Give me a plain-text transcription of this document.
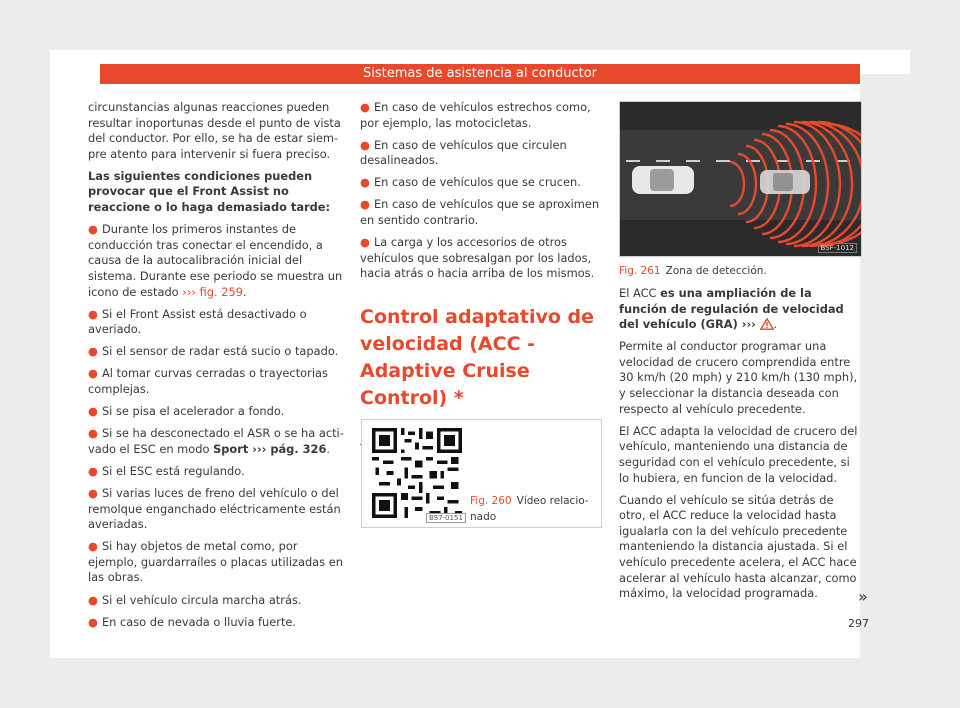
Sistemas de asistencia al conductor

circunstancias algunas reacciones pueden resultar inoportunas desde el punto de vista del conductor. Por ello, se ha de estar siempre atento para intervenir si fuera preciso.

Las siguientes condiciones pueden provocar que el Front Assist no reaccione o lo haga demasiado tarde:

● Durante los primeros instantes de conducción tras conectar el encendido, a causa de la autocalibración inicial del sistema. Durante ese periodo se muestra un icono de estado ››› fig. 259.
● Si el Front Assist está desactivado o averiado.
● Si el sensor de radar está sucio o tapado.
● Al tomar curvas cerradas o trayectorias complejas.
● Si se pisa el acelerador a fondo.
● Si se ha desconectado el ASR o se ha activado el ESC en modo Sport ››› pág. 326.
● Si el ESC está regulando.
● Si varias luces de freno del vehículo o del remolque enganchado eléctricamente están averiadas.
● Si hay objetos de metal como, por ejemplo, guardarraíles o placas utilizadas en las obras.
● Si el vehículo circula marcha atrás.
● En caso de nevada o lluvia fuerte.
● En caso de vehículos estrechos como, por ejemplo, las motocicletas.
● En caso de vehículos que circulen desalineados.
● En caso de vehículos que se crucen.
● En caso de vehículos que se aproximen en sentido contrario.
● La carga y los accesorios de otros vehículos que sobresalgan por los lados, hacia atrás o hacia arriba de los mismos.
Control adaptativo de velocidad (ACC - Adaptive Cruise Control) *
BS7-0151
Fig. 260 Vídeo relacionado
BSF-1012
Fig. 261 Zona de detección.

El ACC es una ampliación de la función de regulación de velocidad del vehículo (GRA) ››› .

Permite al conductor programar una velocidad de crucero comprendida entre 30 km/h (20 mph) y 210 km/h (130 mph), y seleccionar la distancia deseada con respecto al vehículo precedente.

El ACC adapta la velocidad de crucero del vehículo, manteniendo una distancia de seguridad con el vehículo precedente, si lo hubiera, en funcion de la velocidad.

Cuando el vehículo se sitúa detrás de otro, el ACC reduce la velocidad hasta igualarla con la del vehículo precedente manteniendo la distancia ajustada. Si el vehículo precedente acelera, el ACC hace acelerar al vehículo hasta alcanzar, como máximo, la velocidad programada.	»
297
